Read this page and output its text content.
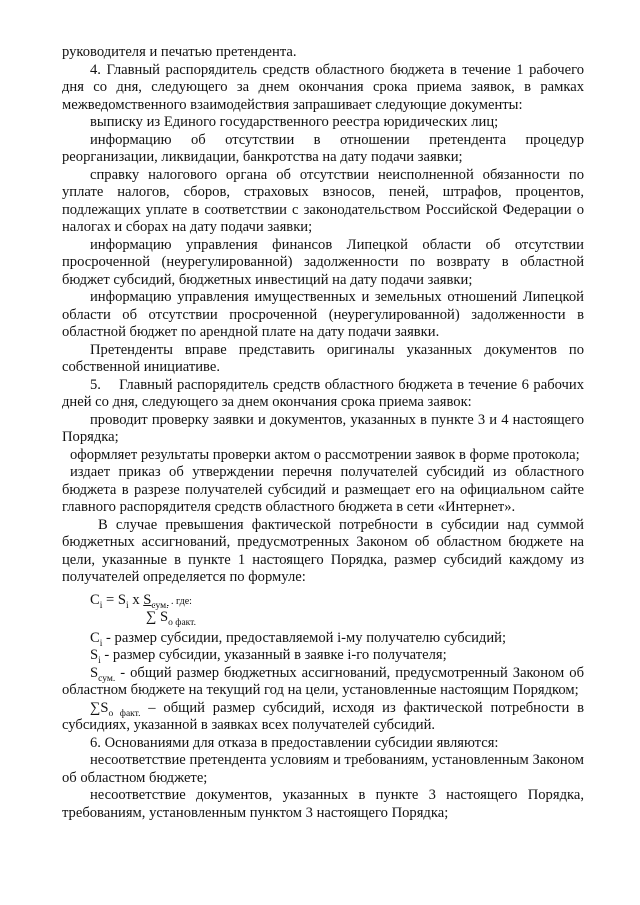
руководителя и печатью претендента.

4. Главный распорядитель средств областного бюджета в течение 1 рабочего дня со дня, следующего за днем окончания срока приема заявок, в рамках межведомственного взаимодействия запрашивает следующие документы:

выписку из Единого государственного реестра юридических лиц;

информацию об отсутствии в отношении претендента процедур реорганизации, ликвидации, банкротства на дату подачи заявки;

справку налогового органа об отсутствии неисполненной обязанности по уплате налогов, сборов, страховых взносов, пеней, штрафов, процентов, подлежащих уплате в соответствии с законодательством Российской Федерации о налогах и сборах на дату подачи заявки;

информацию управления финансов Липецкой области об отсутствии просроченной (неурегулированной) задолженности по возврату в областной бюджет субсидий, бюджетных инвестиций на дату подачи заявки;

информацию управления имущественных и земельных отношений Липецкой области об отсутствии просроченной (неурегулированной) задолженности в областной бюджет по арендной плате на дату подачи заявки.

Претенденты вправе представить оригиналы указанных документов по собственной инициативе.

5.    Главный распорядитель средств областного бюджета в течение 6 рабочих дней со дня, следующего за днем окончания срока приема заявок:

проводит проверку заявки и документов, указанных в пункте 3 и 4 настоящего Порядка;

оформляет результаты проверки актом о рассмотрении заявок в форме протокола;

издает приказ об утверждении перечня получателей субсидий из областного бюджета в разрезе получателей субсидий и размещает его на официальном сайте главного распорядителя средств областного бюджета в сети «Интернет».

В случае превышения фактической потребности в субсидии над суммой бюджетных ассигнований, предусмотренных Законом об областном бюджете на цели, указанные в пункте 1 настоящего Порядка, размер субсидий каждому из получателей определяется по формуле:

$C_i = S_i$ x $S_{сум.}$ . где:
∑ $S_{о факт.}$

$C_i$ - размер субсидии, предоставляемой i-му получателю субсидий;

$S_i$ - размер субсидии, указанный в заявке i-го получателя;

$S_{сум.}$ - общий размер бюджетных ассигнований, предусмотренный Законом об областном бюджете на текущий год на цели, установленные настоящим Порядком;

$\sum S_{о факт.}$ – общий размер субсидий, исходя из фактической потребности в субсидиях, указанной в заявках всех получателей субсидий.

6. Основаниями для отказа в предоставлении субсидии являются:

несоответствие претендента условиям и требованиям, установленным Законом об областном бюджете;

несоответствие документов, указанных в пункте 3 настоящего Порядка, требованиям, установленным пунктом 3 настоящего Порядка;
